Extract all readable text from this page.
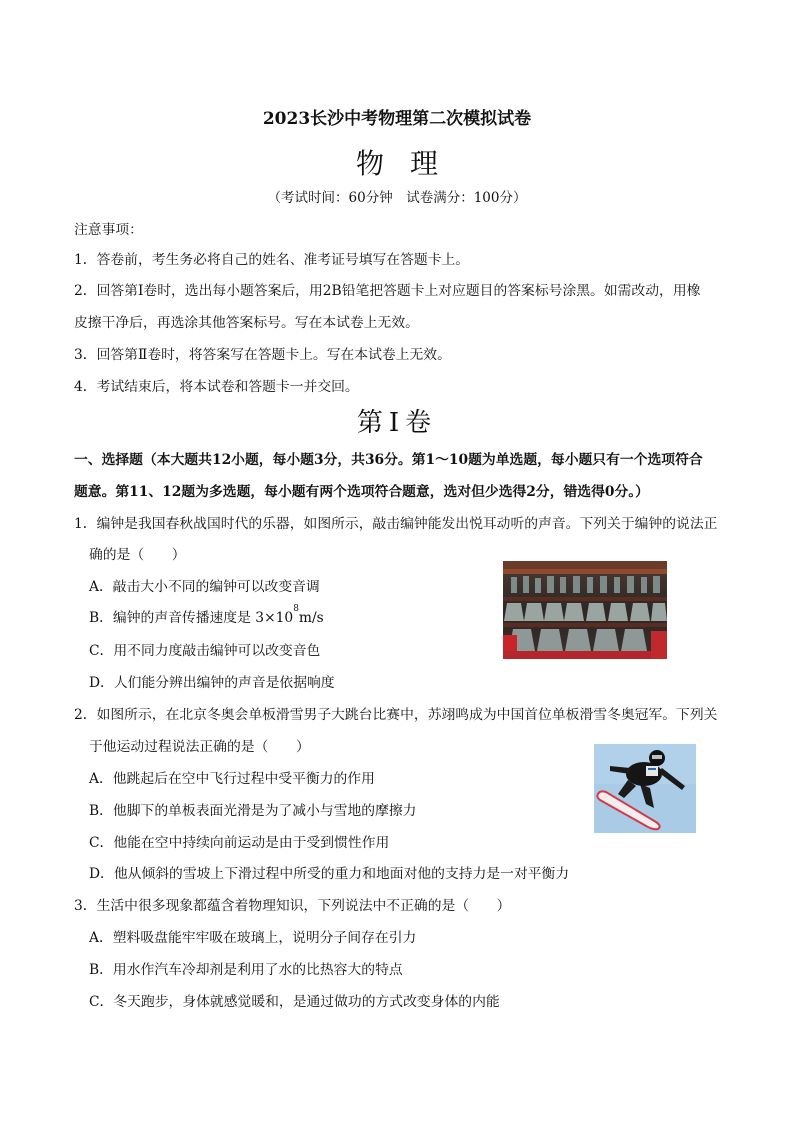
2023长沙中考物理第二次模拟试卷
物理
（考试时间：60分钟　试卷满分：100分）
注意事项：
1．答卷前，考生务必将自己的姓名、准考证号填写在答题卡上。
2．回答第Ⅰ卷时，选出每小题答案后，用2B铅笔把答题卡上对应题目的答案标号涂黑。如需改动，用橡
皮擦干净后，再选涂其他答案标号。写在本试卷上无效。
3．回答第Ⅱ卷时，将答案写在答题卡上。写在本试卷上无效。
4．考试结束后，将本试卷和答题卡一并交回。
第Ⅰ卷
一、选择题（本大题共12小题，每小题3分，共36分。第1～10题为单选题，每小题只有一个选项符合
题意。第11、12题为多选题，每小题有两个选项符合题意，选对但少选得2分，错选得0分。）
1．编钟是我国春秋战国时代的乐器，如图所示，敲击编钟能发出悦耳动听的声音。下列关于编钟的说法正
确的是（　　）
A．敲击大小不同的编钟可以改变音调
B．编钟的声音传播速度是 $3\times 10^8m/s$
C．用不同力度敲击编钟可以改变音色
D．人们能分辨出编钟的声音是依据响度
2．如图所示，在北京冬奥会单板滑雪男子大跳台比赛中，苏翊鸣成为中国首位单板滑雪冬奥冠军。下列关
于他运动过程说法正确的是（　　）
A．他跳起后在空中飞行过程中受平衡力的作用
B．他脚下的单板表面光滑是为了减小与雪地的摩擦力
C．他能在空中持续向前运动是由于受到惯性作用
D．他从倾斜的雪坡上下滑过程中所受的重力和地面对他的支持力是一对平衡力
3．生活中很多现象都蕴含着物理知识，下列说法中不正确的是（　　）
A．塑料吸盘能牢牢吸在玻璃上，说明分子间存在引力
B．用水作汽车冷却剂是利用了水的比热容大的特点
C．冬天跑步，身体就感觉暖和，是通过做功的方式改变身体的内能
